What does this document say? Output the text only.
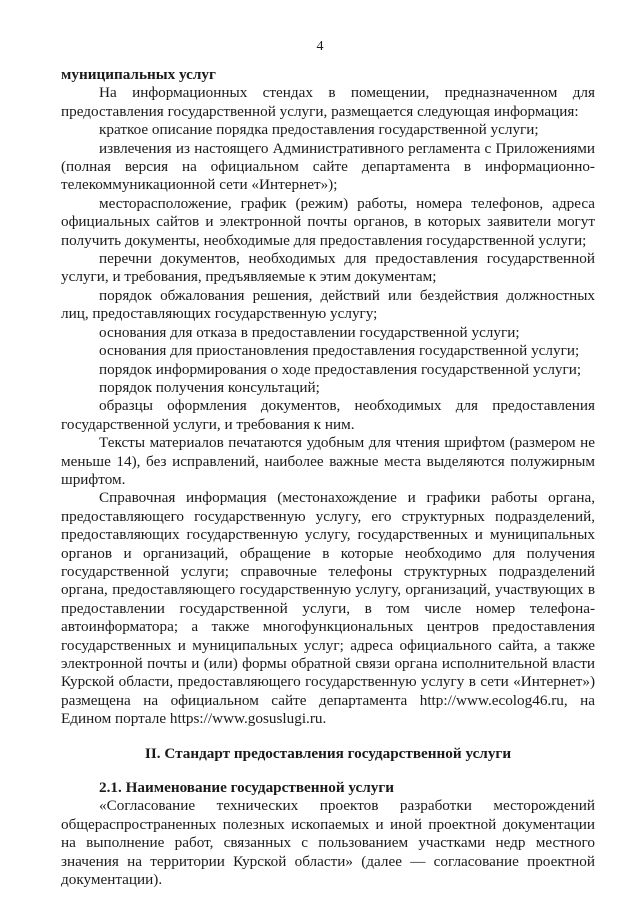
4

муниципальных услуг

На информационных стендах в помещении, предназначенном для предоставления государственной услуги, размещается следующая информация:

краткое описание порядка предоставления государственной услуги;

извлечения из настоящего Административного регламента с Приложениями (полная версия на официальном сайте департамента в информационно-телекоммуникационной сети «Интернет»);

месторасположение, график (режим) работы, номера телефонов, адреса официальных сайтов и электронной почты органов, в которых заявители могут получить документы, необходимые для предоставления государственной услуги;

перечни документов, необходимых для предоставления государственной услуги, и требования, предъявляемые к этим документам;

порядок обжалования решения, действий или бездействия должностных лиц, предоставляющих государственную услугу;

основания для отказа в предоставлении государственной услуги;

основания для приостановления предоставления государственной услуги;

порядок информирования о ходе предоставления государственной услуги;

порядок получения консультаций;

образцы оформления документов, необходимых для предоставления государственной услуги, и требования к ним.

Тексты материалов печатаются удобным для чтения шрифтом (размером не меньше 14), без исправлений, наиболее важные места выделяются полужирным шрифтом.

Справочная информация (местонахождение и графики работы органа, предоставляющего государственную услугу, его структурных подразделений, предоставляющих государственную услугу, государственных и муниципальных органов и организаций, обращение в которые необходимо для получения государственной услуги; справочные телефоны структурных подразделений органа, предоставляющего государственную услугу, организаций, участвующих в предоставлении государственной услуги, в том числе номер телефона-автоинформатора; а также многофункциональных центров предоставления государственных и муниципальных услуг; адреса официального сайта, а также электронной почты и (или) формы обратной связи органа исполнительной власти Курской области, предоставляющего государственную услугу в сети «Интернет») размещена на официальном сайте департамента http://www.ecolog46.ru, на Едином портале https://www.gosuslugi.ru.

II. Стандарт предоставления государственной услуги

2.1. Наименование государственной услуги

«Согласование технических проектов разработки месторождений общераспространенных полезных ископаемых и иной проектной документации на выполнение работ, связанных с пользованием участками недр местного значения на территории Курской области» (далее — согласование проектной документации).
